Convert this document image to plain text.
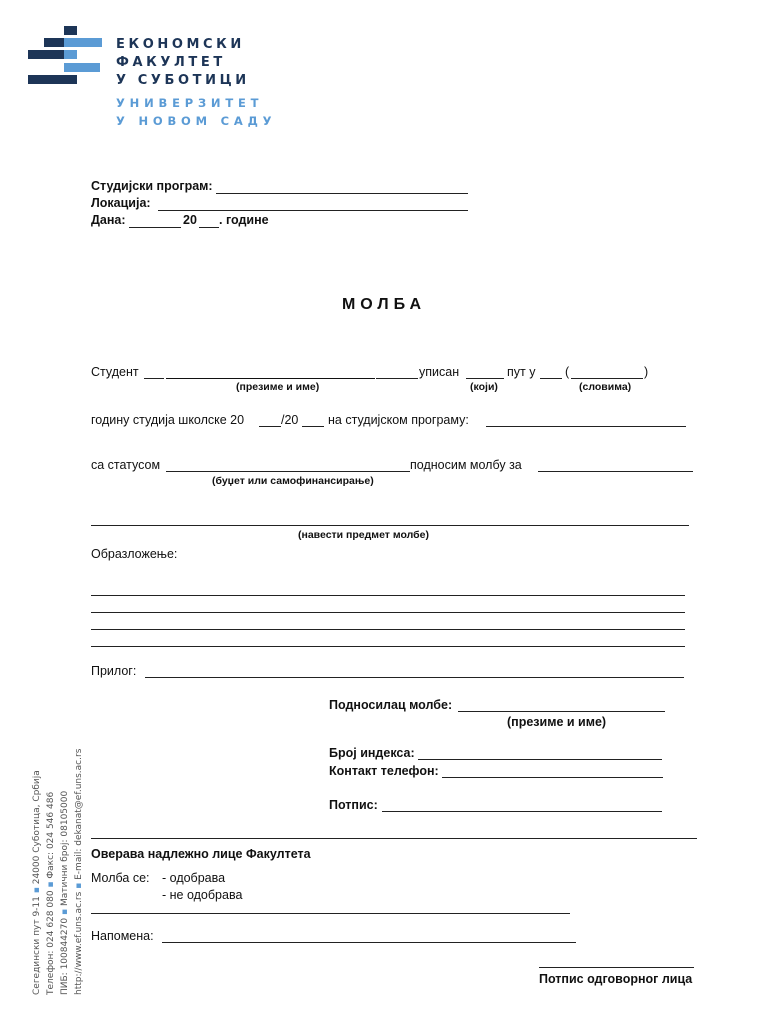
ЕКОНОМСКИ
ФАКУЛТЕТ
У СУБОТИЦИ
УНИВЕРЗИТЕТ
У НОВОМ САДУ
Студијски програм:
Локација:
Дана:	20 . године
МОЛБА
Студент	уписан	пут у (	)
(презиме и име)	(који)	(словима)
годину студија школске 20	/20 на студијском програму:
са статусом	подносим молбу за
(буџет или самофинансирање)
(навести предмет молбе)
Образложење:
Прилог:
Подносилац молбе:
(презиме и име)
Број индекса:
Контакт телефон:
Потпис:
Оверава надлежно лице Факултета
Молба се: - одобрава
- не одобрава
Напомена:
Потпис одговорног лица
Сегедински пут 9-11 ▪ 24000 Суботица, Србија
Телефон: 024 628 080 ▪ Факс: 024 546 486
ПИБ: 100844270 ▪ Матични број: 08105000
http://www.ef.uns.ac.rs ▪ E-mail: dekanat@ef.uns.ac.rs
